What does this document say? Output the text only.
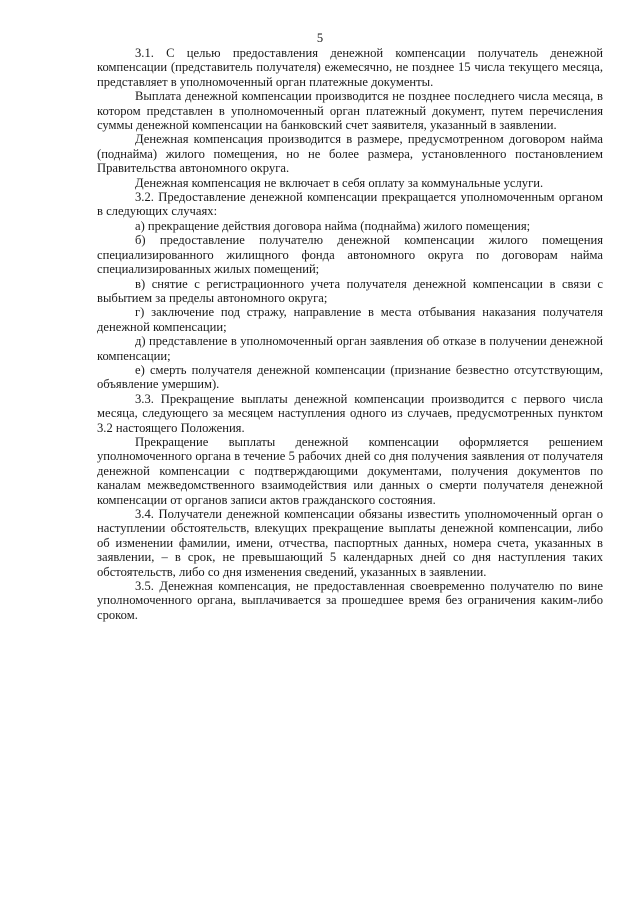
5

3.1. С целью предоставления денежной компенсации получатель денежной компенсации (представитель получателя) ежемесячно, не позднее 15 числа текущего месяца, представляет в уполномоченный орган платежные документы.

Выплата денежной компенсации производится не позднее последнего числа месяца, в котором представлен в уполномоченный орган платежный документ, путем перечисления суммы денежной компенсации на банковский счет заявителя, указанный в заявлении.

Денежная компенсация производится в размере, предусмотренном договором найма (поднайма) жилого помещения, но не более размера, установленного постановлением Правительства автономного округа.

Денежная компенсация не включает в себя оплату за коммунальные услуги.

3.2. Предоставление денежной компенсации прекращается уполномоченным органом в следующих случаях:

а) прекращение действия договора найма (поднайма) жилого помещения;

б) предоставление получателю денежной компенсации жилого помещения специализированного жилищного фонда автономного округа по договорам найма специализированных жилых помещений;

в) снятие с регистрационного учета получателя денежной компенсации в связи с выбытием за пределы автономного округа;

г) заключение под стражу, направление в места отбывания наказания получателя денежной компенсации;

д) представление в уполномоченный орган заявления об отказе в получении денежной компенсации;

е) смерть получателя денежной компенсации (признание безвестно отсутствующим, объявление умершим).

3.3. Прекращение выплаты денежной компенсации производится с первого числа месяца, следующего за месяцем наступления одного из случаев, предусмотренных пунктом 3.2 настоящего Положения.

Прекращение выплаты денежной компенсации оформляется решением уполномоченного органа в течение 5 рабочих дней со дня получения заявления от получателя денежной компенсации с подтверждающими документами, получения документов по каналам межведомственного взаимодействия или данных о смерти получателя денежной компенсации от органов записи актов гражданского состояния.

3.4. Получатели денежной компенсации обязаны известить уполномоченный орган о наступлении обстоятельств, влекущих прекращение выплаты денежной компенсации, либо об изменении фамилии, имени, отчества, паспортных данных, номера счета, указанных в заявлении, – в срок, не превышающий 5 календарных дней со дня наступления таких обстоятельств, либо со дня изменения сведений, указанных в заявлении.

3.5. Денежная компенсация, не предоставленная своевременно получателю по вине уполномоченного органа, выплачивается за прошедшее время без ограничения каким-либо сроком.
